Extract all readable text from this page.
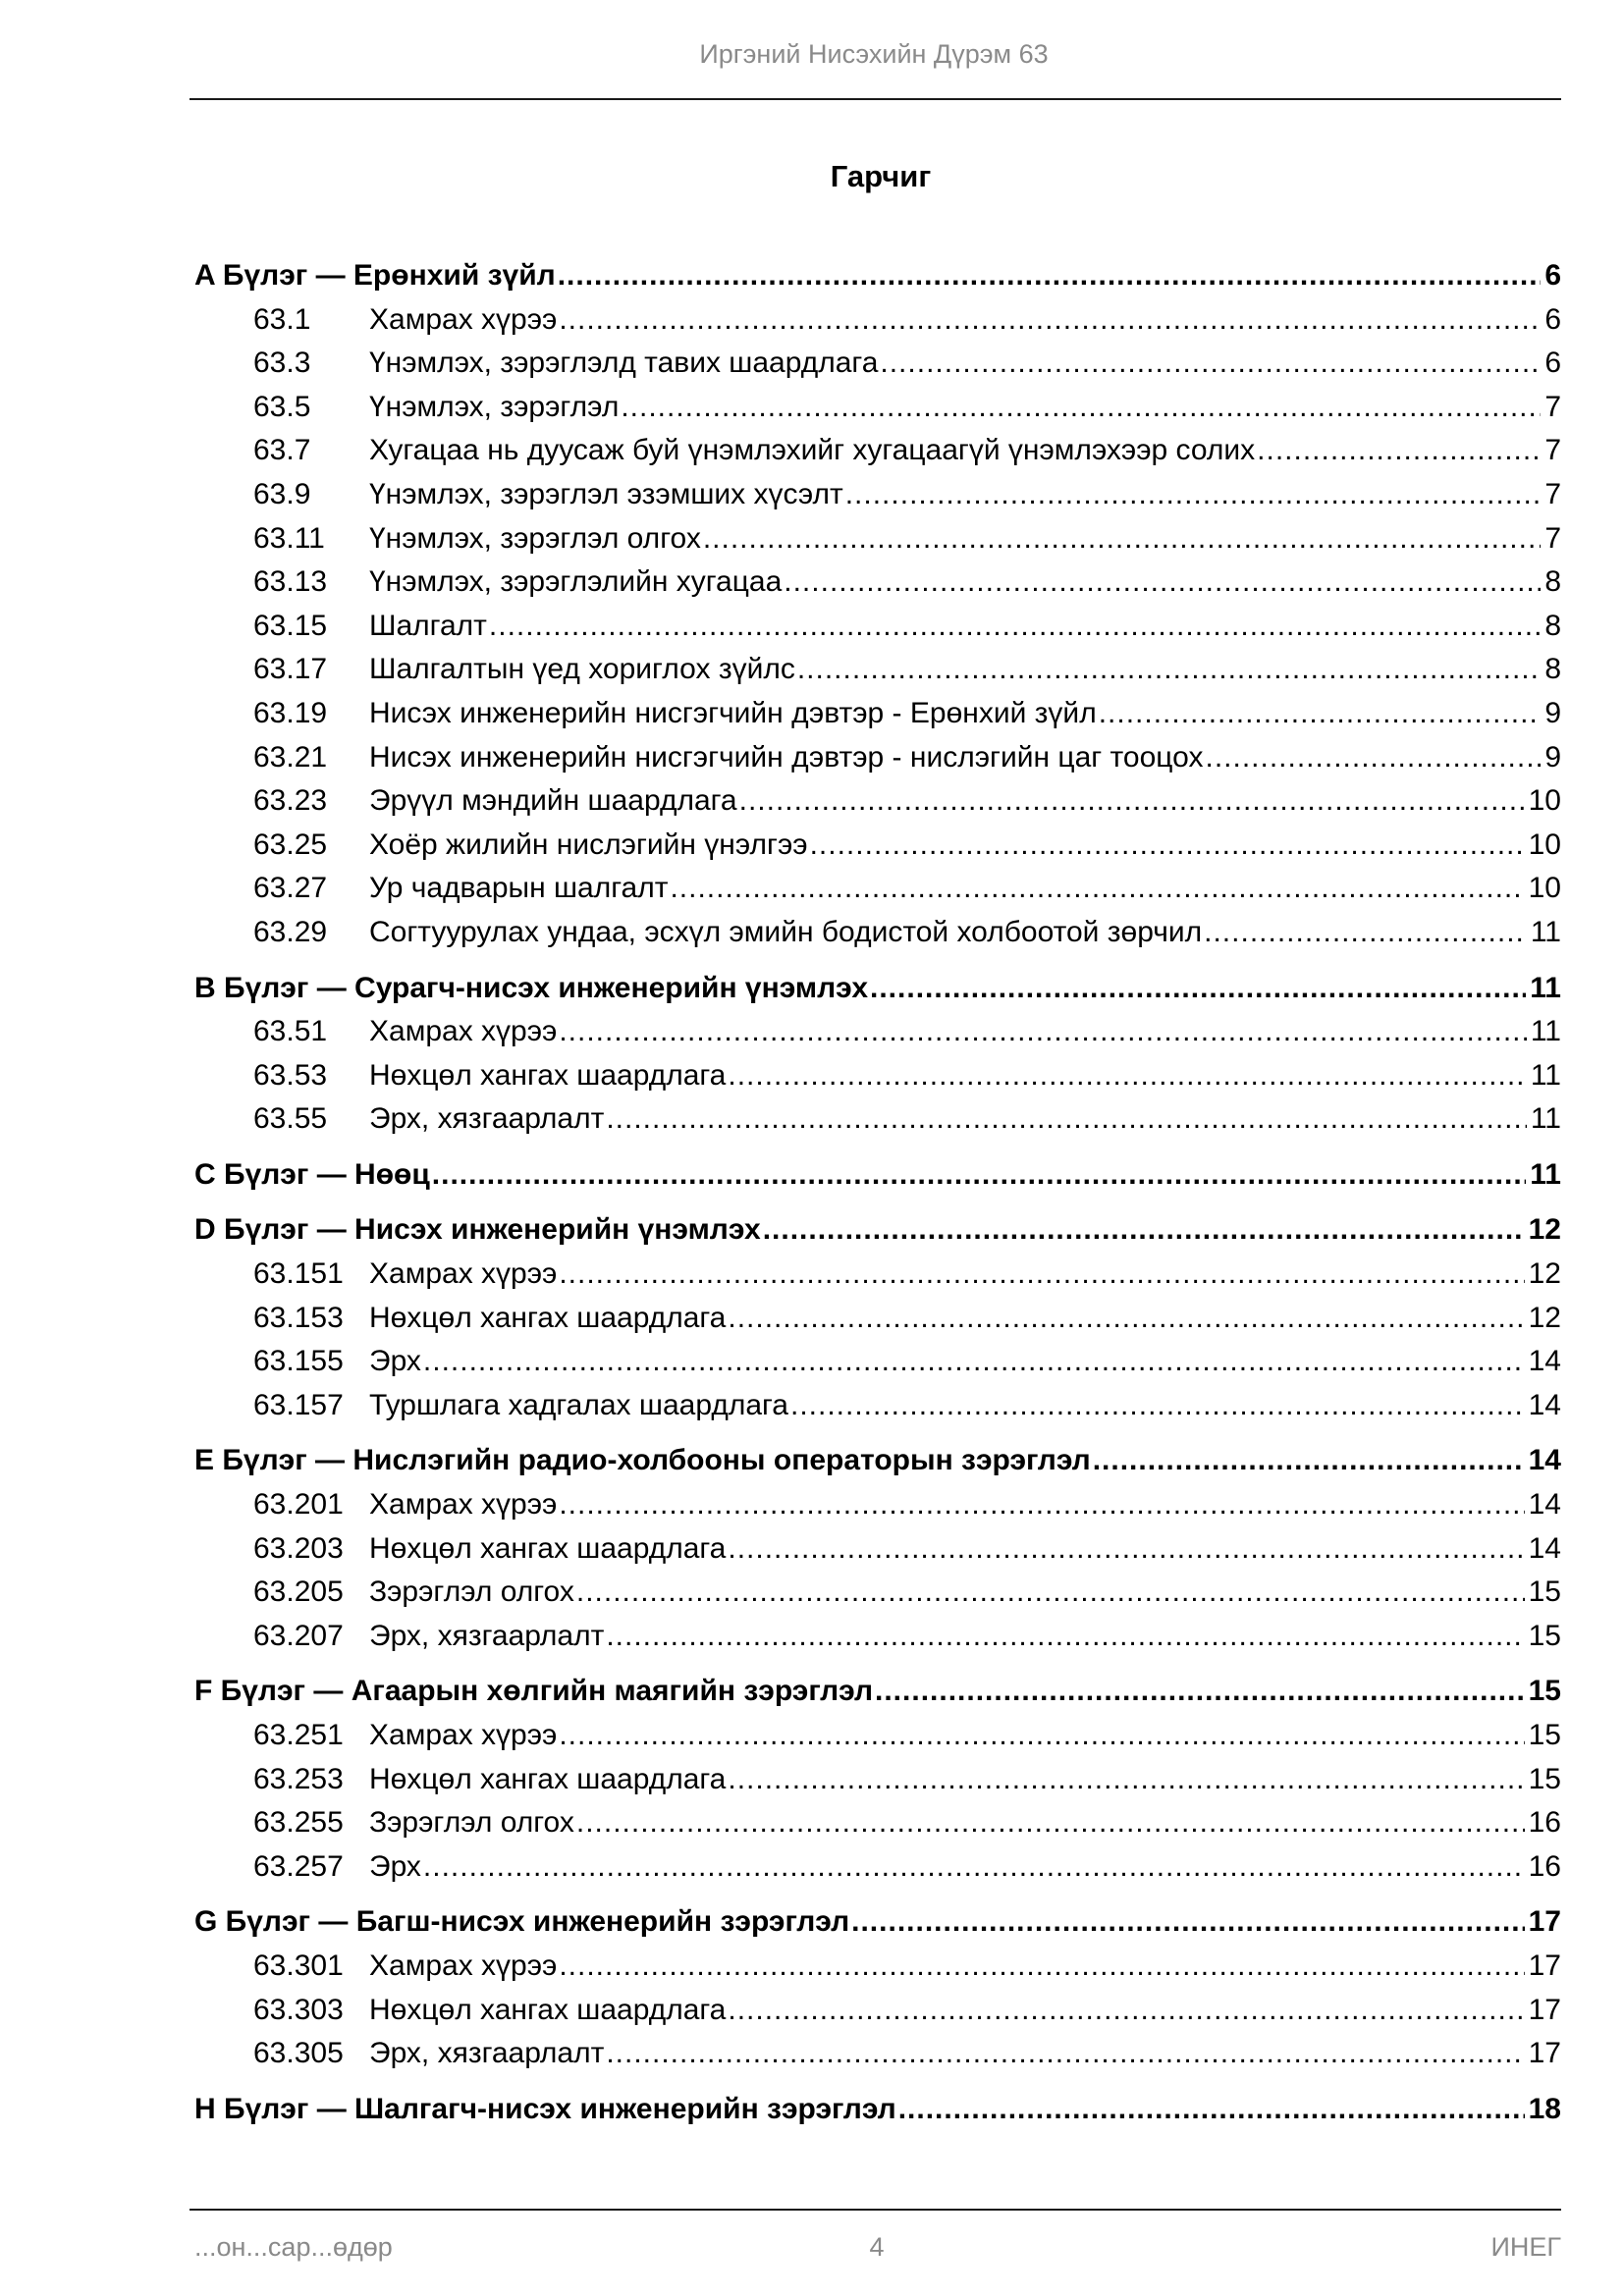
Иргэний Нисэхийн Дүрэм 63
Гарчиг
A Бүлэг — Ерөнхий зүйл .....	6
63.1	Хамрах хүрээ .....	6
63.3	Үнэмлэх, зэрэглэлд тавих шаардлага .....	6
63.5	Үнэмлэх, зэрэглэл .....	7
63.7	Хугацаа нь дуусаж буй үнэмлэхийг хугацаагүй үнэмлэхээр солих .....	7
63.9	Үнэмлэх, зэрэглэл эзэмших хүсэлт .....	7
63.11	Үнэмлэх, зэрэглэл олгох .....	7
63.13	Үнэмлэх, зэрэглэлийн хугацаа .....	8
63.15	Шалгалт .....	8
63.17	Шалгалтын үед хориглох зүйлс .....	8
63.19	Нисэх инженерийн нисгэгчийн дэвтэр - Ерөнхий зүйл .....	9
63.21	Нисэх инженерийн нисгэгчийн дэвтэр - нислэгийн цаг тооцох .....	9
63.23	Эрүүл мэндийн шаардлага .....	10
63.25	Хоёр жилийн нислэгийн үнэлгээ .....	10
63.27	Ур чадварын шалгалт .....	10
63.29	Согтуурулах ундаа, эсхүл эмийн бодистой холбоотой зөрчил .....	11
B Бүлэг — Сурагч-нисэх инженерийн үнэмлэх .....	11
63.51	Хамрах хүрээ .....	11
63.53	Нөхцөл хангах шаардлага .....	11
63.55	Эрх, хязгаарлалт .....	11
C Бүлэг — Нөөц .....	11
D Бүлэг — Нисэх инженерийн үнэмлэх .....	12
63.151 Хамрах хүрээ .....	12
63.153 Нөхцөл хангах шаардлага .....	12
63.155 Эрх .....	14
63.157 Туршлага хадгалах шаардлага .....	14
E Бүлэг — Нислэгийн радио-холбооны операторын зэрэглэл .....	14
63.201 Хамрах хүрээ .....	14
63.203 Нөхцөл хангах шаардлага .....	14
63.205 Зэрэглэл олгох .....	15
63.207 Эрх, хязгаарлалт .....	15
F Бүлэг — Агаарын хөлгийн маягийн зэрэглэл .....	15
63.251 Хамрах хүрээ .....	15
63.253 Нөхцөл хангах шаардлага .....	15
63.255 Зэрэглэл олгох .....	16
63.257 Эрх .....	16
G Бүлэг — Багш-нисэх инженерийн зэрэглэл .....	17
63.301 Хамрах хүрээ .....	17
63.303 Нөхцөл хангах шаардлага .....	17
63.305 Эрх, хязгаарлалт .....	17
H Бүлэг — Шалгагч-нисэх инженерийн зэрэглэл .....	18
...он...сар...өдөр	4	ИНЕГ
